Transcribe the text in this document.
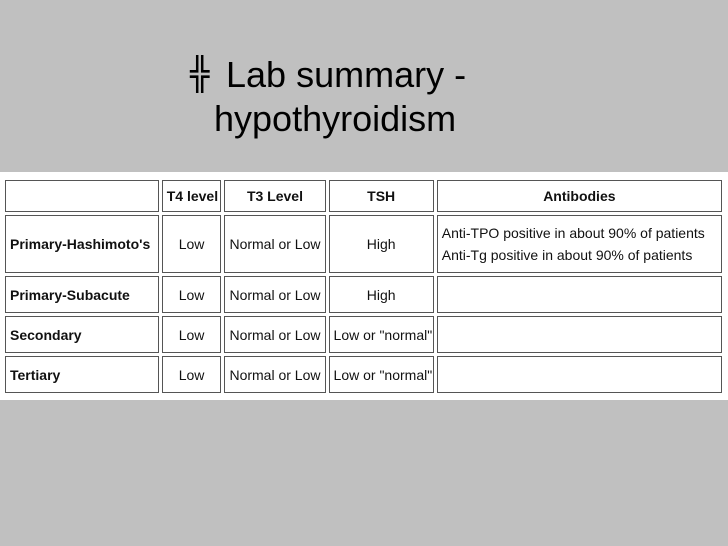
╬ Lab summary -
hypothyroidism
	T4 level	T3 Level	TSH	Antibodies
Primary-Hashimoto's	Low	Normal or Low	High	Anti-TPO positive in about 90% of patients
Anti-Tg positive in about 90% of patients

Primary-Subacute	Low	Normal or Low	High	
Secondary	Low	Normal or Low	Low or "normal"	
Tertiary	Low	Normal or Low	Low or "normal"	
